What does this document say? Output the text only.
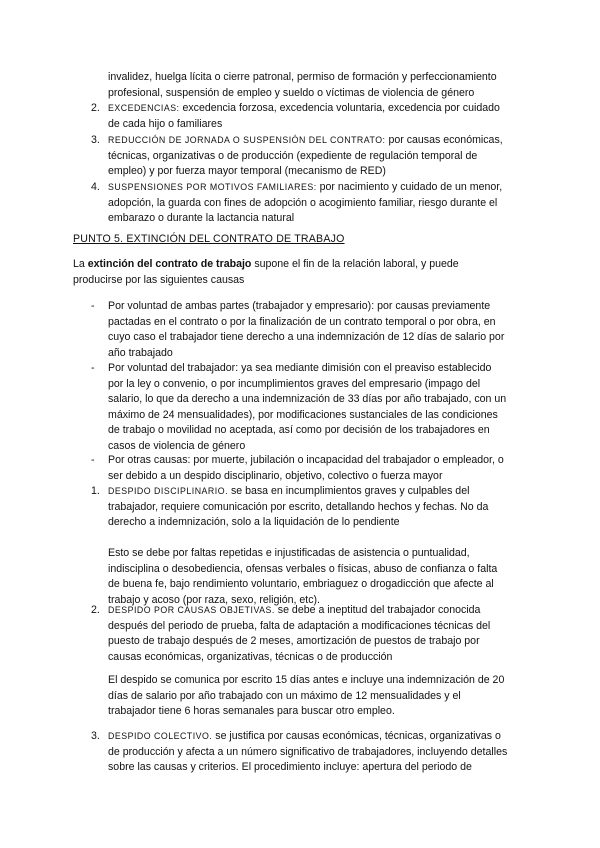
invalidez, huelga lícita o cierre patronal, permiso de formación y perfeccionamiento
profesional, suspensión de empleo y sueldo o víctimas de violencia de género
2. EXCEDENCIAS: excedencia forzosa, excedencia voluntaria, excedencia por cuidado
de cada hijo o familiares
3. REDUCCIÓN DE JORNADA O SUSPENSIÓN DEL CONTRATO: por causas económicas,
técnicas, organizativas o de producción (expediente de regulación temporal de
empleo) y por fuerza mayor temporal (mecanismo de RED)
4. SUSPENSIONES POR MOTIVOS FAMILIARES: por nacimiento y cuidado de un menor,
adopción, la guarda con fines de adopción o acogimiento familiar, riesgo durante el
embarazo o durante la lactancia natural
PUNTO 5. EXTINCIÓN DEL CONTRATO DE TRABAJO
La extinción del contrato de trabajo supone el fin de la relación laboral, y puede
producirse por las siguientes causas
- Por voluntad de ambas partes (trabajador y empresario): por causas previamente
pactadas en el contrato o por la finalización de un contrato temporal o por obra, en
cuyo caso el trabajador tiene derecho a una indemnización de 12 días de salario por
año trabajado
- Por voluntad del trabajador: ya sea mediante dimisión con el preaviso establecido
por la ley o convenio, o por incumplimientos graves del empresario (impago del
salario, lo que da derecho a una indemnización de 33 días por año trabajado, con un
máximo de 24 mensualidades), por modificaciones sustanciales de las condiciones
de trabajo o movilidad no aceptada, así como por decisión de los trabajadores en
casos de violencia de género
- Por otras causas: por muerte, jubilación o incapacidad del trabajador o empleador, o
ser debido a un despido disciplinario, objetivo, colectivo o fuerza mayor
1. DESPIDO DISCIPLINARIO. se basa en incumplimientos graves y culpables del
trabajador, requiere comunicación por escrito, detallando hechos y fechas. No da
derecho a indemnización, solo a la liquidación de lo pendiente
Esto se debe por faltas repetidas e injustificadas de asistencia o puntualidad,
indisciplina o desobediencia, ofensas verbales o físicas, abuso de confianza o falta
de buena fe, bajo rendimiento voluntario, embriaguez o drogadicción que afecte al
trabajo y acoso (por raza, sexo, religión, etc).
2. DESPIDO POR CAUSAS OBJETIVAS. se debe a ineptitud del trabajador conocida
después del periodo de prueba, falta de adaptación a modificaciones técnicas del
puesto de trabajo después de 2 meses, amortización de puestos de trabajo por
causas económicas, organizativas, técnicas o de producción
El despido se comunica por escrito 15 días antes e incluye una indemnización de 20
días de salario por año trabajado con un máximo de 12 mensualidades y el
trabajador tiene 6 horas semanales para buscar otro empleo.
3. DESPIDO COLECTIVO. se justifica por causas económicas, técnicas, organizativas o
de producción y afecta a un número significativo de trabajadores, incluyendo detalles
sobre las causas y criterios. El procedimiento incluye: apertura del periodo de
